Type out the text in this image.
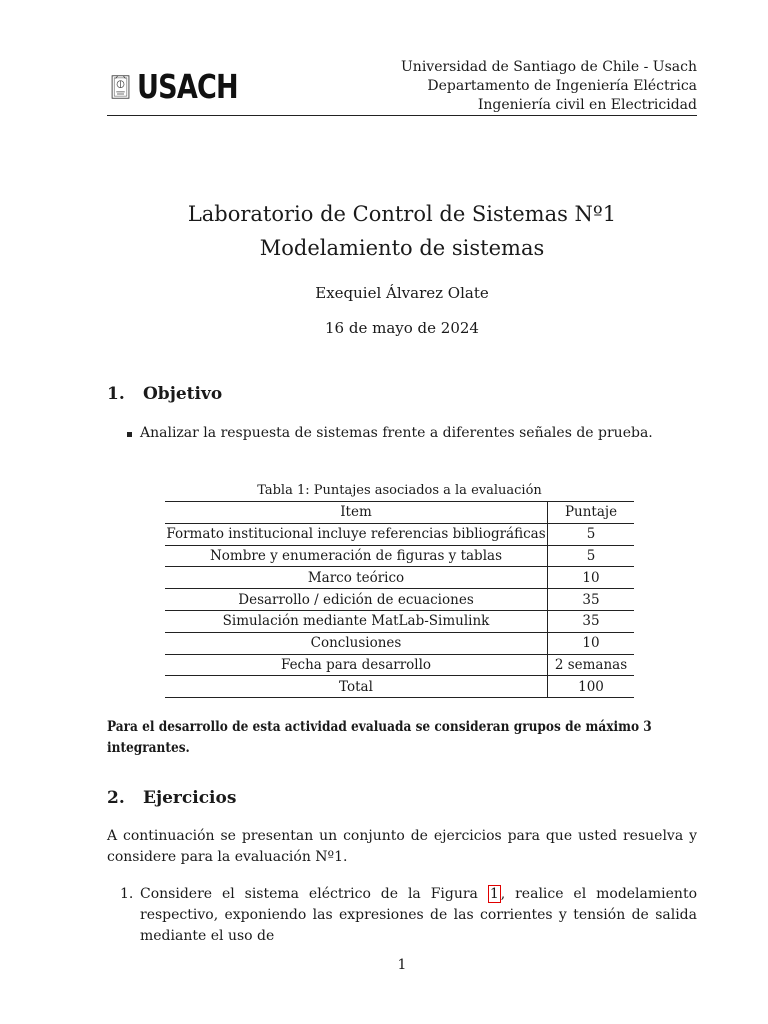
USACH	Universidad de Santiago de Chile - Usach
Departamento de Ingeniería Eléctrica
Ingeniería civil en Electricidad
Laboratorio de Control de Sistemas Nº1
Modelamiento de sistemas
Exequiel Álvarez Olate
16 de mayo de 2024
1. Objetivo
Analizar la respuesta de sistemas frente a diferentes señales de prueba.
Tabla 1: Puntajes asociados a la evaluación
Item	Puntaje
Formato institucional incluye referencias bibliográficas	5
Nombre y enumeración de figuras y tablas	5
Marco teórico	10
Desarrollo / edición de ecuaciones	35
Simulación mediante MatLab-Simulink	35
Conclusiones	10
Fecha para desarrollo	2 semanas
Total	100
Para el desarrollo de esta actividad evaluada se consideran grupos de máximo 3 integrantes.
2. Ejercicios
A continuación se presentan un conjunto de ejercicios para que usted resuelva y considere para la evaluación Nº1.
1. Considere el sistema eléctrico de la Figura 1 , realice el modelamiento respectivo, exponiendo las expresiones de las corrientes y tensión de salida mediante el uso de
1
